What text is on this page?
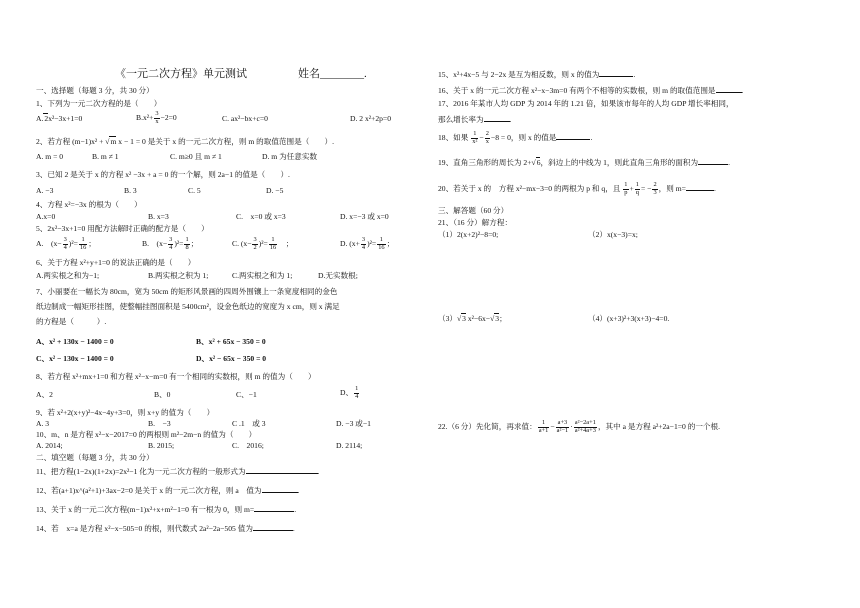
《一元二次方程》单元测试	姓名________.
一、选择题（每题 3 分，共 30 分）
1、下列为一元二次方程的是（　　）
A.2x²−3x+1=0	$B.x^2+ \frac{3}{x} -2=0$	C. ax²−bx+c=0	D. 2 x²+2p=0
2、若方程 (m−1)x² + √m x − 1 = 0 是关于 x 的一元二次方程，则 m 的取值范围是（　　）.
A. m = 0	B. m ≠ 1	C. m≥0 且 m ≠ 1	D. m 为任意实数
3、已知 2 是关于 x 的方程 x² −3x + a = 0 的一个解，则 2a−1 的值是（　　）.
A. −3	B. 3	C. 5	D. −5
4、方程 x²=−3x 的根为（　　）
A.x=0	B. x=3	C.　x=0 或 x=3	D. x=−3 或 x=0
5、2x²−3x+1=0 用配方法解时正确的配方是（　　）
A.　$(x- \frac{3}{4} )^2= \frac{1}{16}$ ；	B.　$(x- \frac{3}{4} )^2= \frac{1}{8}$ ；	C. $(x- \frac{3}{2} )^2= \frac{1}{16}$ 　；	D. $(x+ \frac{3}{4} )^2= \frac{1}{16}$ ；
6、关于方程 x²+y+1=0 的说法正确的是（　　）
A.两实根之和为−1;	B.两实根之积为 1;	C.两实根之和为 1;	D.无实数根;
7、小丽要在一幅长为 80cm，宽为 50cm 的矩形风景画的四周外围镶上一条宽度相同的金色
纸边制成一幅矩形挂图，使整幅挂图面积是 5400cm²，设金色纸边的宽度为 x cm，则 x 满足
的方程是（　　　）.
A、x² + 130x − 1400 = 0	B、x² + 65x − 350 = 0
C、x² − 130x − 1400 = 0	D、x² − 65x − 350 = 0
8、若方程 x²+mx+1=0 和方程 x²−x−m=0 有一个相同的实数根，则 m 的值为（　　）
A、2	B、0	C、−1	D、 $\frac{1}{4}$
9、若 x²+2(x+y)²−4x−4y+3=0，则 x+y 的值为（　　）
A. 3	B.　−3	C .1　或 3	D. −3 或−1
10、m、n 是方程 x²−x−2017=0 的两根则 m²−2m−n 的值为（　　）
A. 2014;	B. 2015;	C.　2016;	D. 2114;
二、填空题（每题 3 分，共 30 分）
11、把方程(1−2x)(1+2x)=2x²−1 化为一元二次方程的一般形式为	.
12、若(a+1)x^(a²+1)+3ax−2=0 是关于 x 的一元二次方程，则 a　值为	.
13、关于 x 的一元二次方程(m−1)x²+x+m²−1=0 有一根为 0，则 m=	.
14、若　x=a 是方程 x²−x−505=0 的根，则代数式 2a²−2a−505 值为	.
15、x²+4x−5 与 2−2x 是互为相反数，则 x 的值为	.
16、关于 x 的一元二次方程 x²−x−3m=0 有两个不相等的实数根，则 m 的取值范围是	.
17、2016 年某市人均 GDP 为 2014 年的 1.21 倍，如果该市每年的人均 GDP 增长率相同，
那么增长率为	.
18、如果 $\frac{1}{\text{x²}} - \frac{2}{x} -8 = 0$，则 x 的值是	.
19、直角三角形的周长为 2+√6，斜边上的中线为 1，则此直角三角形的面积为	.
20、若关于 x 的　方程 x²−mx−3=0 的两根为 p 和 q，且 $\frac{1}{p} + \frac{1}{q}$ = − $\frac{2}{3}$ ，则 m=	.
三、解答题（60 分）
21、（16 分）解方程：
（1）2(x+2)²−8=0;	（2）x(x−3)=x;
（3）√3 x²−6x−√3；	（4）(x+3)²+3(x+3)−4=0.
22.（6 分）先化简，再求值： $\frac{1}{a+1} - \frac{a+3}{\text{a²−1}} \cdot \frac{\text{a²−2a+1}}{\text{a²+4a+3}}$ ，其中 a 是方程 a²+2a−1=0 的一个根.
